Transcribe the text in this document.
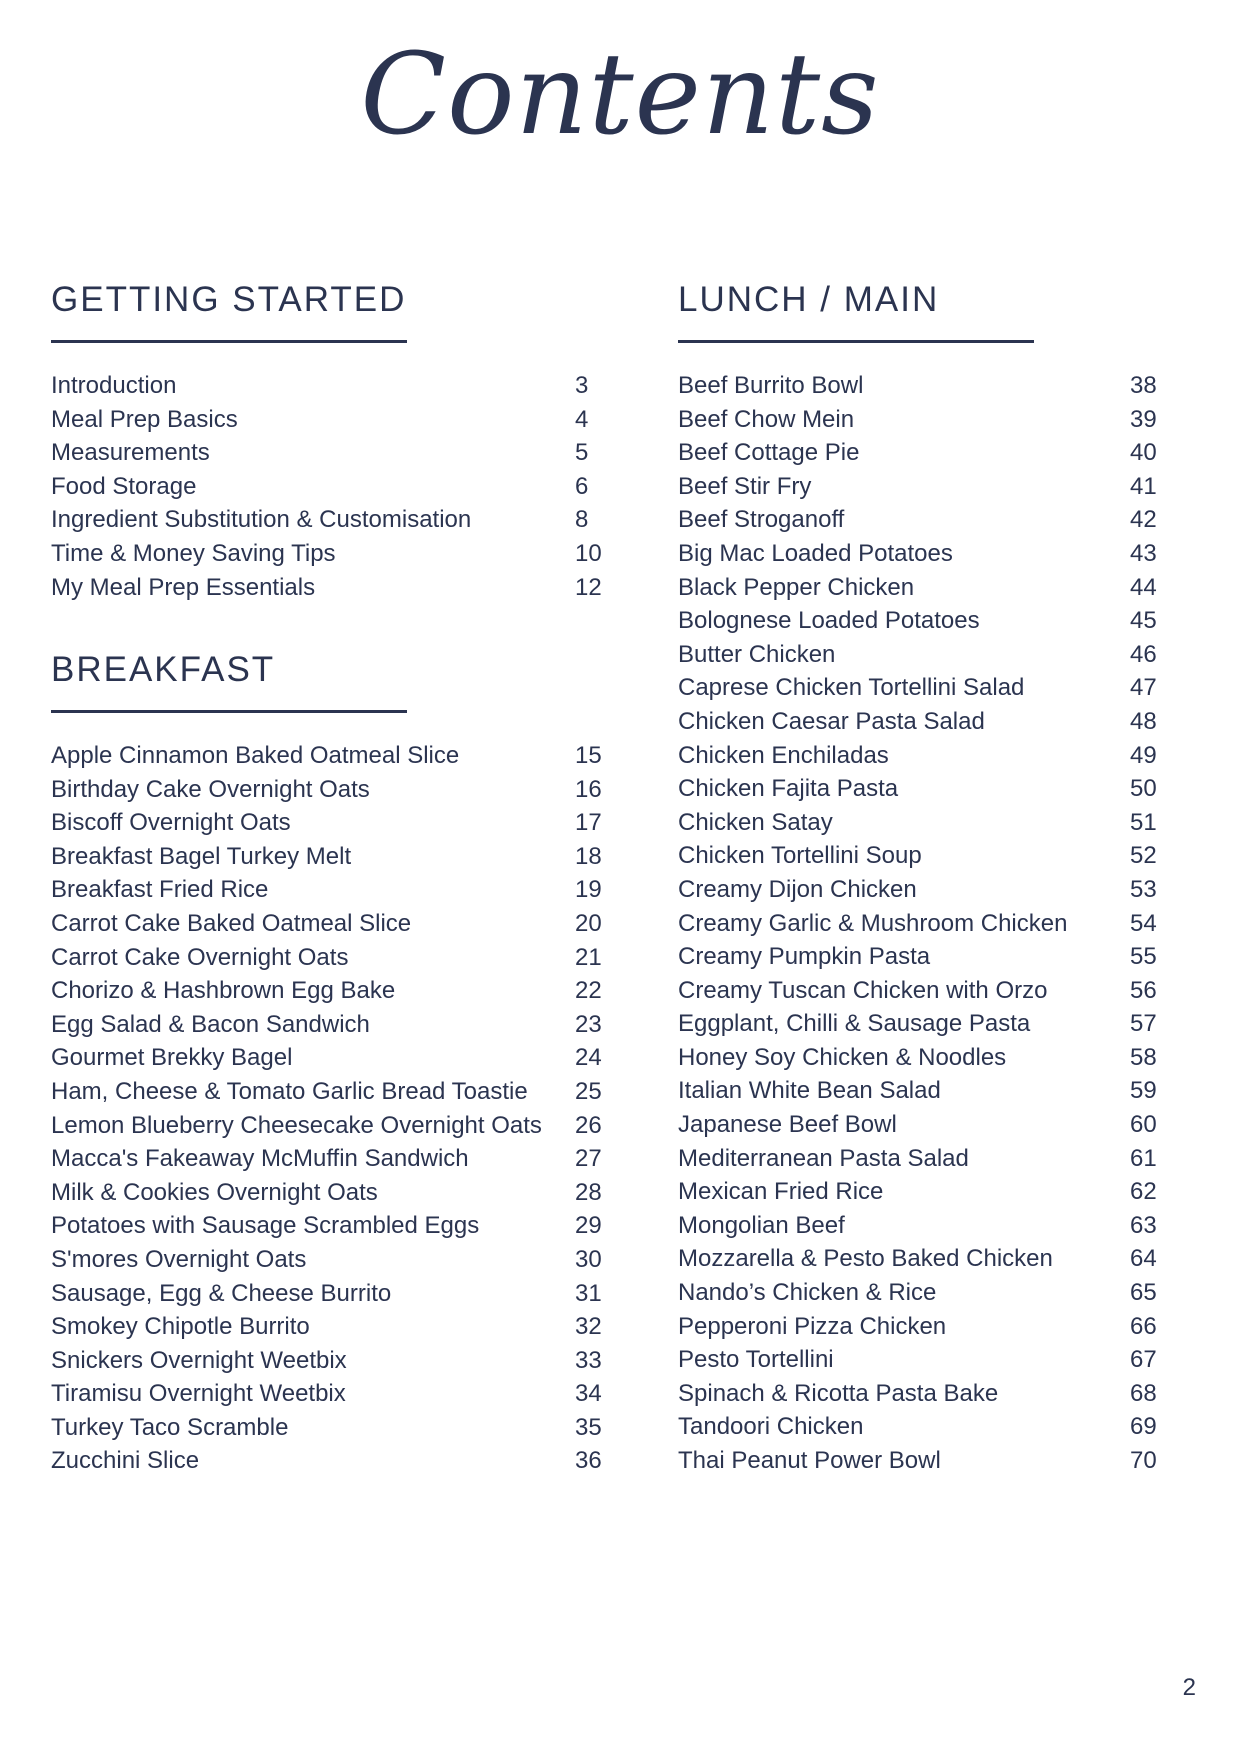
Contents
GETTING STARTED
Introduction	3
Meal Prep Basics	4
Measurements	5
Food Storage	6
Ingredient Substitution & Customisation	8
Time & Money Saving Tips	10
My Meal Prep Essentials	12
BREAKFAST
Apple Cinnamon Baked Oatmeal Slice	15
Birthday Cake Overnight Oats	16
Biscoff Overnight Oats	17
Breakfast Bagel Turkey Melt	18
Breakfast Fried Rice	19
Carrot Cake Baked Oatmeal Slice	20
Carrot Cake Overnight Oats	21
Chorizo & Hashbrown Egg Bake	22
Egg Salad & Bacon Sandwich	23
Gourmet Brekky Bagel	24
Ham, Cheese & Tomato Garlic Bread Toastie 25
Lemon Blueberry Cheesecake Overnight Oats 26
Macca's Fakeaway McMuffin Sandwich	27
Milk & Cookies Overnight Oats	28
Potatoes with Sausage Scrambled Eggs	29
S'mores Overnight Oats	30
Sausage, Egg & Cheese Burrito	31
Smokey Chipotle Burrito	32
Snickers Overnight Weetbix	33
Tiramisu Overnight Weetbix	34
Turkey Taco Scramble	35
Zucchini Slice	36
LUNCH / MAIN
Beef Burrito Bowl	38
Beef Chow Mein	39
Beef Cottage Pie	40
Beef Stir Fry	41
Beef Stroganoff	42
Big Mac Loaded Potatoes	43
Black Pepper Chicken	44
Bolognese Loaded Potatoes	45
Butter Chicken	46
Caprese Chicken Tortellini Salad	47
Chicken Caesar Pasta Salad	48
Chicken Enchiladas	49
Chicken Fajita Pasta	50
Chicken Satay	51
Chicken Tortellini Soup	52
Creamy Dijon Chicken	53
Creamy Garlic & Mushroom Chicken	54
Creamy Pumpkin Pasta	55
Creamy Tuscan Chicken with Orzo	56
Eggplant, Chilli & Sausage Pasta	57
Honey Soy Chicken & Noodles	58
Italian White Bean Salad	59
Japanese Beef Bowl	60
Mediterranean Pasta Salad	61
Mexican Fried Rice	62
Mongolian Beef	63
Mozzarella & Pesto Baked Chicken	64
Nando’s Chicken & Rice	65
Pepperoni Pizza Chicken	66
Pesto Tortellini	67
Spinach & Ricotta Pasta Bake	68
Tandoori Chicken	69
Thai Peanut Power Bowl	70
2
